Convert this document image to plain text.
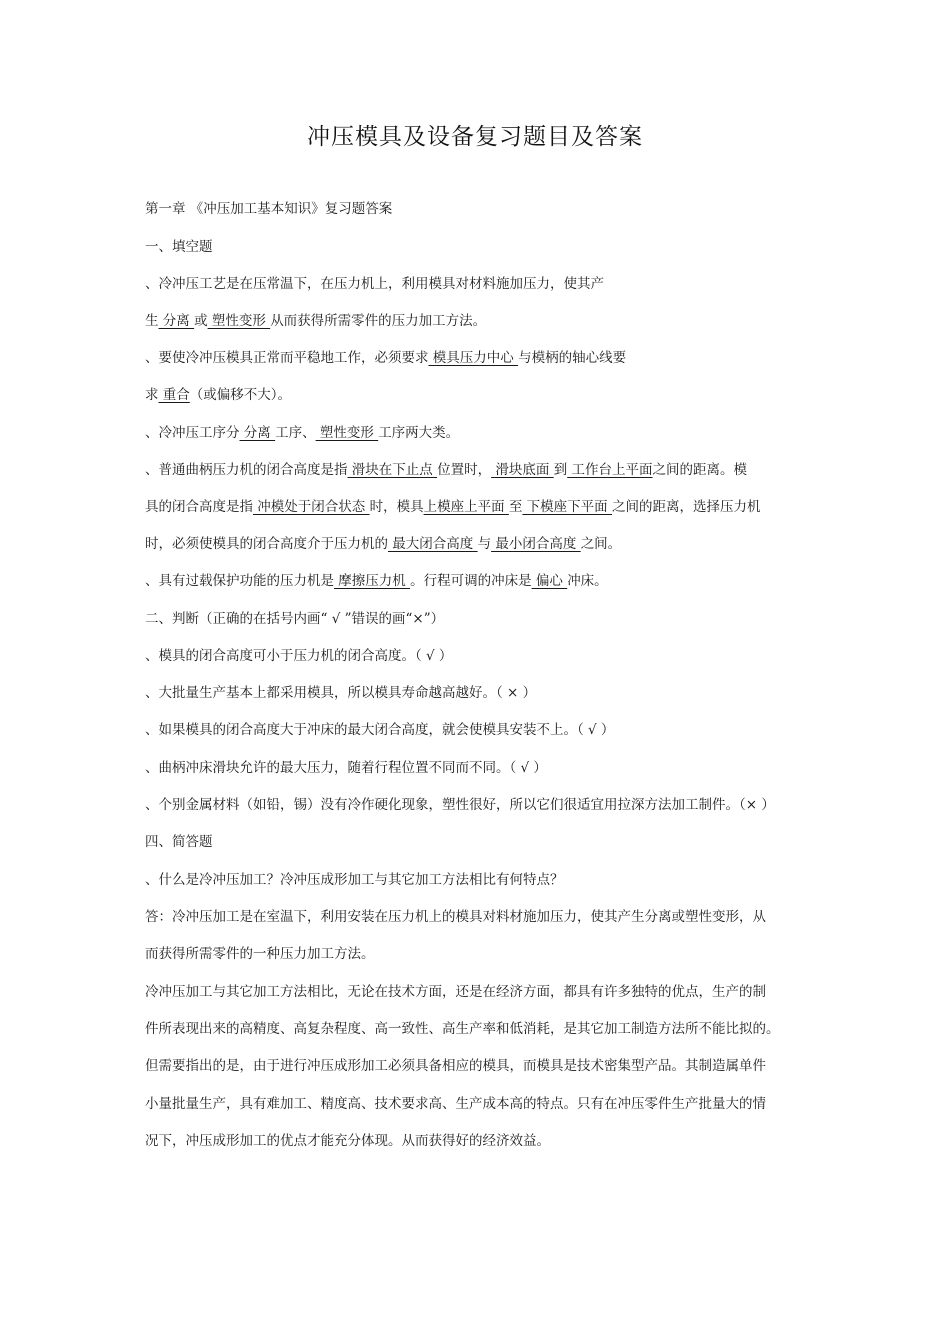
冲压模具及设备复习题目及答案
第一章 《冲压加工基本知识》复习题答案
一、填空题
、冷冲压工艺是在压常温下，在压力机上，利用模具对材料施加压力，使其产
生 分离 或 塑性变形 从而获得所需零件的压力加工方法。
、要使冷冲压模具正常而平稳地工作，必须要求 模具压力中心 与模柄的轴心线要
求 重合（或偏移不大）。
、冷冲压工序分 分离 工序、 塑性变形 工序两大类。
、普通曲柄压力机的闭合高度是指 滑块在下止点 位置时， 滑块底面 到 工作台上平面之间的距离。模
具的闭合高度是指 冲模处于闭合状态 时，模具上模座上平面 至 下模座下平面 之间的距离，选择压力机
时，必须使模具的闭合高度介于压力机的 最大闭合高度 与 最小闭合高度 之间。
、具有过载保护功能的压力机是 摩擦压力机 。行程可调的冲床是 偏心 冲床。
二、判断（正确的在括号内画“ √ ”错误的画“×”）
、模具的闭合高度可小于压力机的闭合高度。（ √ ）
、大批量生产基本上都采用模具，所以模具寿命越高越好。（ × ）
、如果模具的闭合高度大于冲床的最大闭合高度，就会使模具安装不上。（ √ ）
、曲柄冲床滑块允许的最大压力，随着行程位置不同而不同。（ √ ）
、个别金属材料（如铅，锡）没有冷作硬化现象，塑性很好，所以它们很适宜用拉深方法加工制件。（× ）
四、简答题
、什么是冷冲压加工？冷冲压成形加工与其它加工方法相比有何特点？
答：冷冲压加工是在室温下，利用安装在压力机上的模具对料材施加压力，使其产生分离或塑性变形，从
而获得所需零件的一种压力加工方法。
冷冲压加工与其它加工方法相比，无论在技术方面，还是在经济方面，都具有许多独特的优点，生产的制
件所表现出来的高精度、高复杂程度、高一致性、高生产率和低消耗，是其它加工制造方法所不能比拟的。
但需要指出的是，由于进行冲压成形加工必须具备相应的模具，而模具是技术密集型产品。其制造属单件
小量批量生产，具有难加工、精度高、技术要求高、生产成本高的特点。只有在冲压零件生产批量大的情
况下，冲压成形加工的优点才能充分体现。从而获得好的经济效益。
